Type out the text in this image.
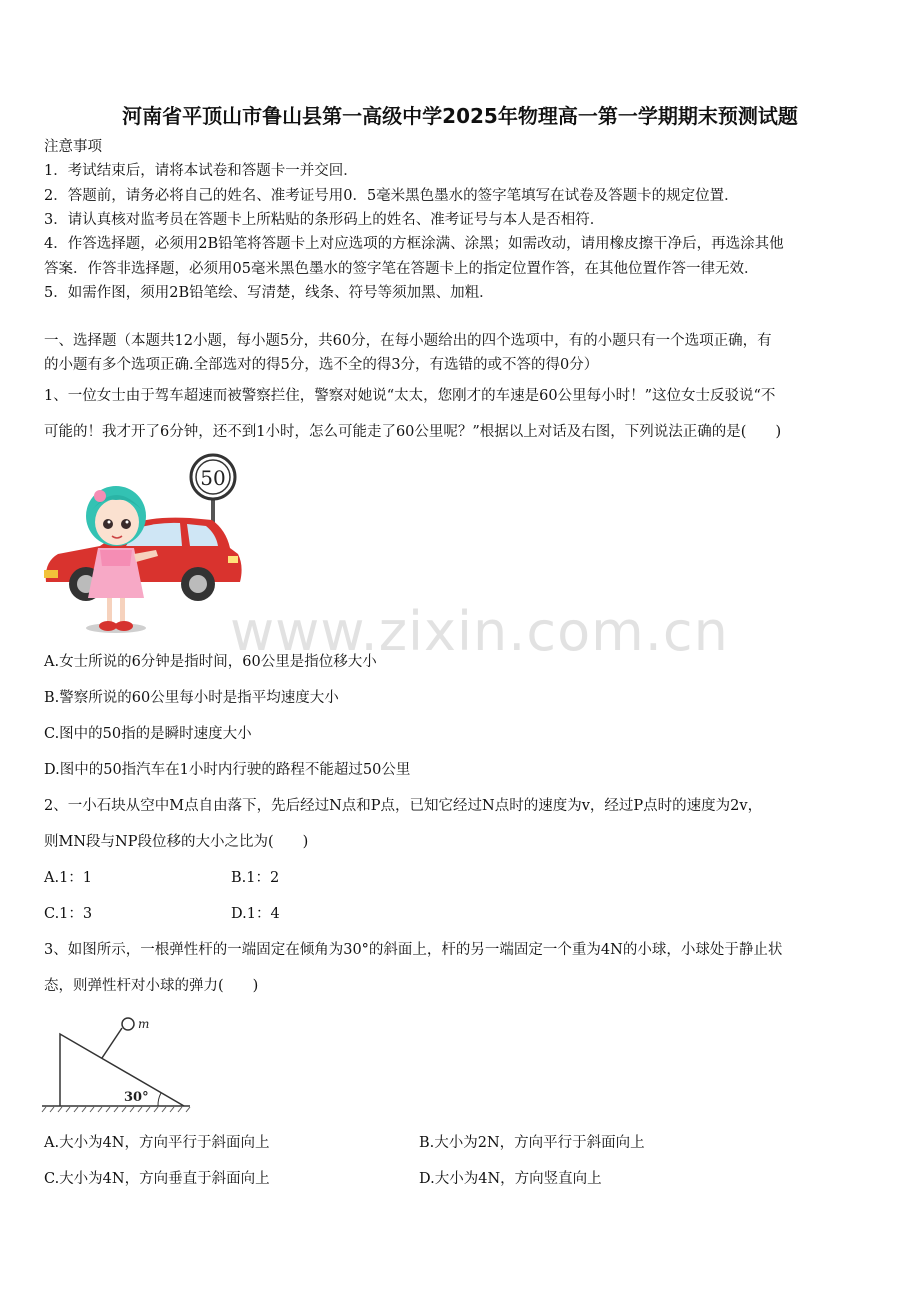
河南省平顶山市鲁山县第一高级中学2025年物理高一第一学期期末预测试题
注意事项
1．考试结束后，请将本试卷和答题卡一并交回．
2．答题前，请务必将自己的姓名、准考证号用0．5毫米黑色墨水的签字笔填写在试卷及答题卡的规定位置．
3．请认真核对监考员在答题卡上所粘贴的条形码上的姓名、准考证号与本人是否相符．
4．作答选择题，必须用2B铅笔将答题卡上对应选项的方框涂满、涂黑；如需改动，请用橡皮擦干净后，再选涂其他
答案．作答非选择题，必须用05毫米黑色墨水的签字笔在答题卡上的指定位置作答，在其他位置作答一律无效．
5．如需作图，须用2B铅笔绘、写清楚，线条、符号等须加黑、加粗．
一、选择题（本题共12小题，每小题5分，共60分，在每小题给出的四个选项中，有的小题只有一个选项正确，有
的小题有多个选项正确.全部选对的得5分，选不全的得3分，有选错的或不答的得0分）
1、一位女士由于驾车超速而被警察拦住，警察对她说“太太，您刚才的车速是60公里每小时！”这位女士反驳说“不
可能的！我才开了6分钟，还不到1小时，怎么可能走了60公里呢？”根据以上对话及右图，下列说法正确的是(　　)
50
A.女士所说的6分钟是指时间，60公里是指位移大小
B.警察所说的60公里每小时是指平均速度大小
C.图中的50指的是瞬时速度大小
D.图中的50指汽车在1小时内行驶的路程不能超过50公里
2、一小石块从空中M点自由落下，先后经过N点和P点，已知它经过N点时的速度为v，经过P点时的速度为2v，
则MN段与NP段位移的大小之比为(　　)
A.1：1	B.1：2
C.1：3	D.1：4
3、如图所示，一根弹性杆的一端固定在倾角为30°的斜面上，杆的另一端固定一个重为4N的小球，小球处于静止状
态，则弹性杆对小球的弹力(　　)
m
30°
A.大小为4N，方向平行于斜面向上	B.大小为2N，方向平行于斜面向上
C.大小为4N，方向垂直于斜面向上	D.大小为4N，方向竖直向上
www.zixin.com.cn
